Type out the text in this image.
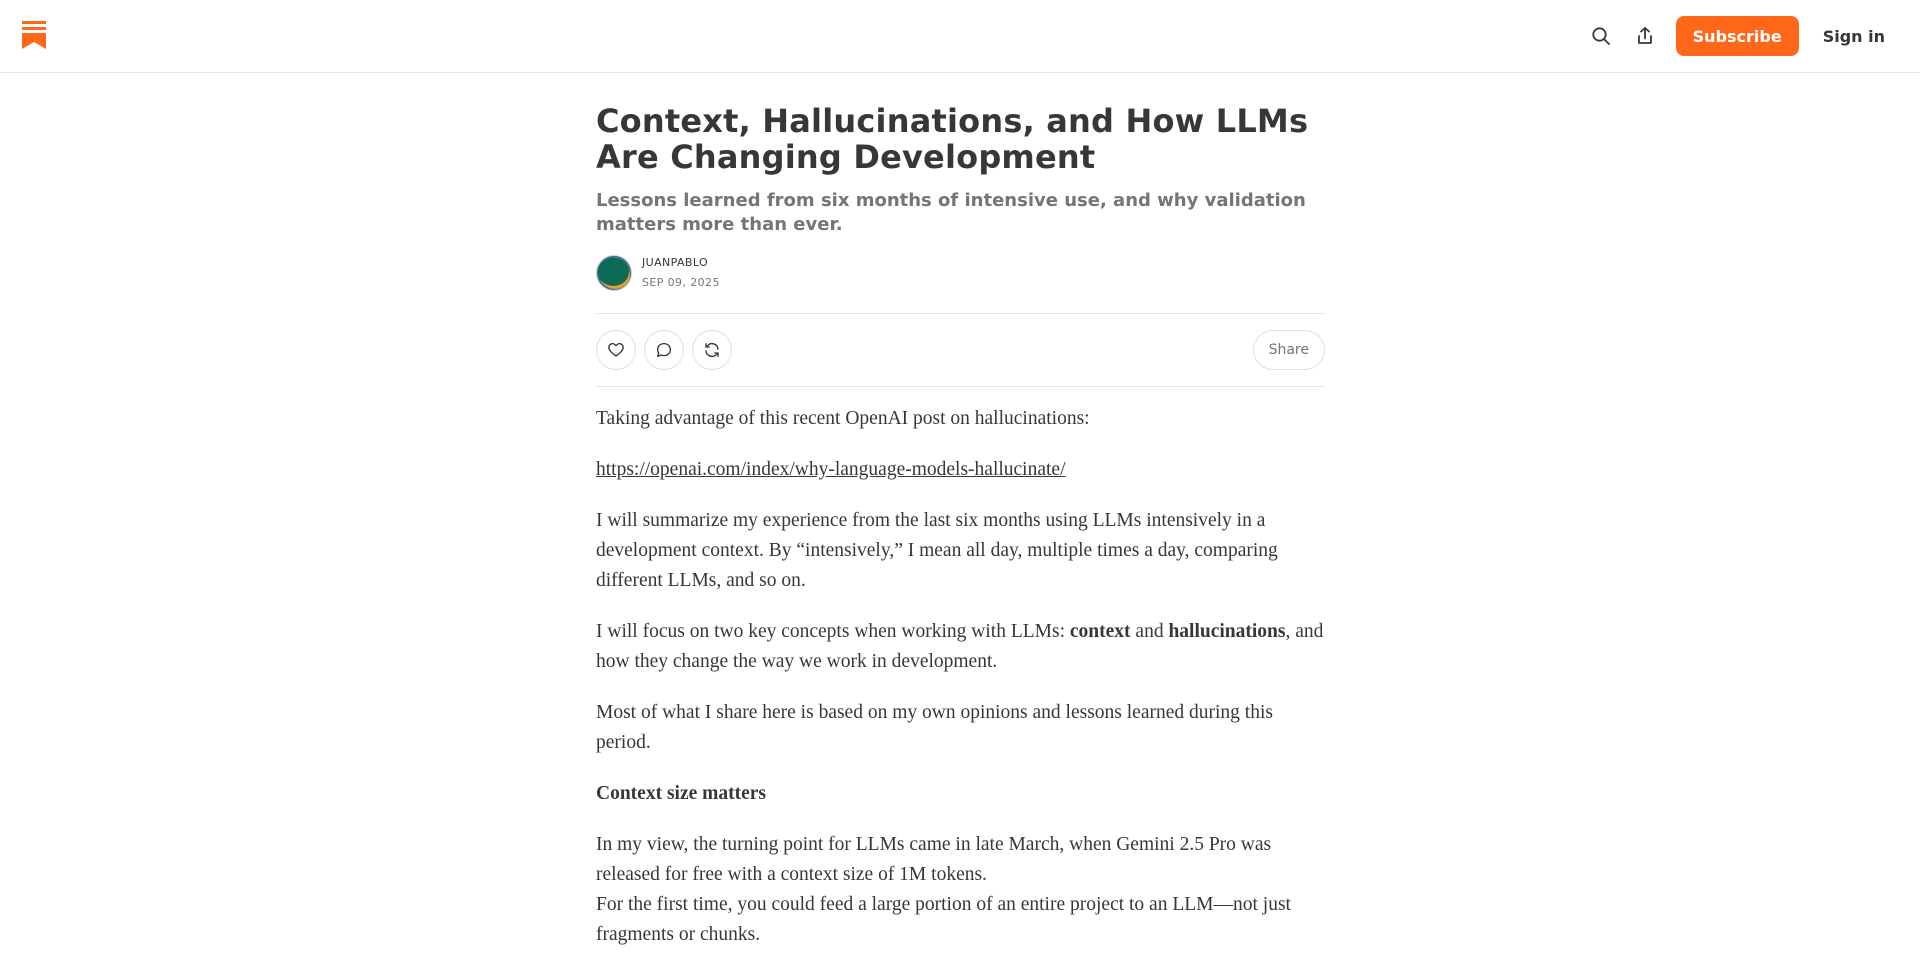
Subscribe	Sign in
Context, Hallucinations, and How LLMs Are Changing Development
Lessons learned from six months of intensive use, and why validation matters more than ever.
JUANPABLO
SEP 09, 2025
Share

Taking advantage of this recent OpenAI post on hallucinations:

https://openai.com/index/why-language-models-hallucinate/

I will summarize my experience from the last six months using LLMs intensively in a development context. By “intensively,” I mean all day, multiple times a day, comparing different LLMs, and so on.

I will focus on two key concepts when working with LLMs: context and hallucinations, and how they change the way we work in development.

Most of what I share here is based on my own opinions and lessons learned during this period.

Context size matters

In my view, the turning point for LLMs came in late March, when Gemini 2.5 Pro was released for free with a context size of 1M tokens.

For the first time, you could feed a large portion of an entire project to an LLM—not just fragments or chunks.
